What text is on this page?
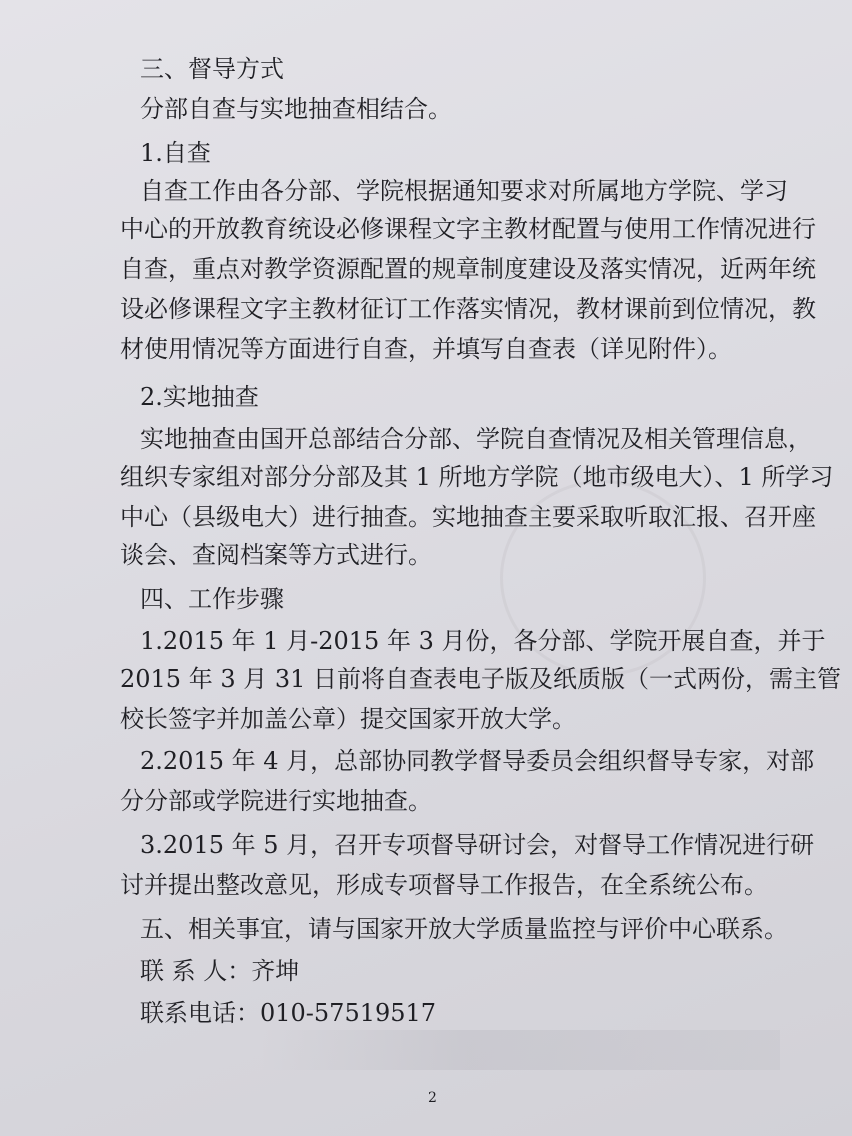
三、督导方式
分部自查与实地抽查相结合。
1.自查
自查工作由各分部、学院根据通知要求对所属地方学院、学习
中心的开放教育统设必修课程文字主教材配置与使用工作情况进行
自查，重点对教学资源配置的规章制度建设及落实情况，近两年统
设必修课程文字主教材征订工作落实情况，教材课前到位情况，教
材使用情况等方面进行自查，并填写自查表（详见附件）。
2.实地抽查
实地抽查由国开总部结合分部、学院自查情况及相关管理信息，
组织专家组对部分分部及其 1 所地方学院（地市级电大）、1 所学习
中心（县级电大）进行抽查。实地抽查主要采取听取汇报、召开座
谈会、查阅档案等方式进行。
四、工作步骤
1.2015 年 1 月-2015 年 3 月份，各分部、学院开展自查，并于
2015 年 3 月 31 日前将自查表电子版及纸质版（一式两份，需主管
校长签字并加盖公章）提交国家开放大学。
2.2015 年 4 月，总部协同教学督导委员会组织督导专家，对部
分分部或学院进行实地抽查。
3.2015 年 5 月，召开专项督导研讨会，对督导工作情况进行研
讨并提出整改意见，形成专项督导工作报告，在全系统公布。
五、相关事宜，请与国家开放大学质量监控与评价中心联系。
联 系 人：齐坤
联系电话：010-57519517
2
